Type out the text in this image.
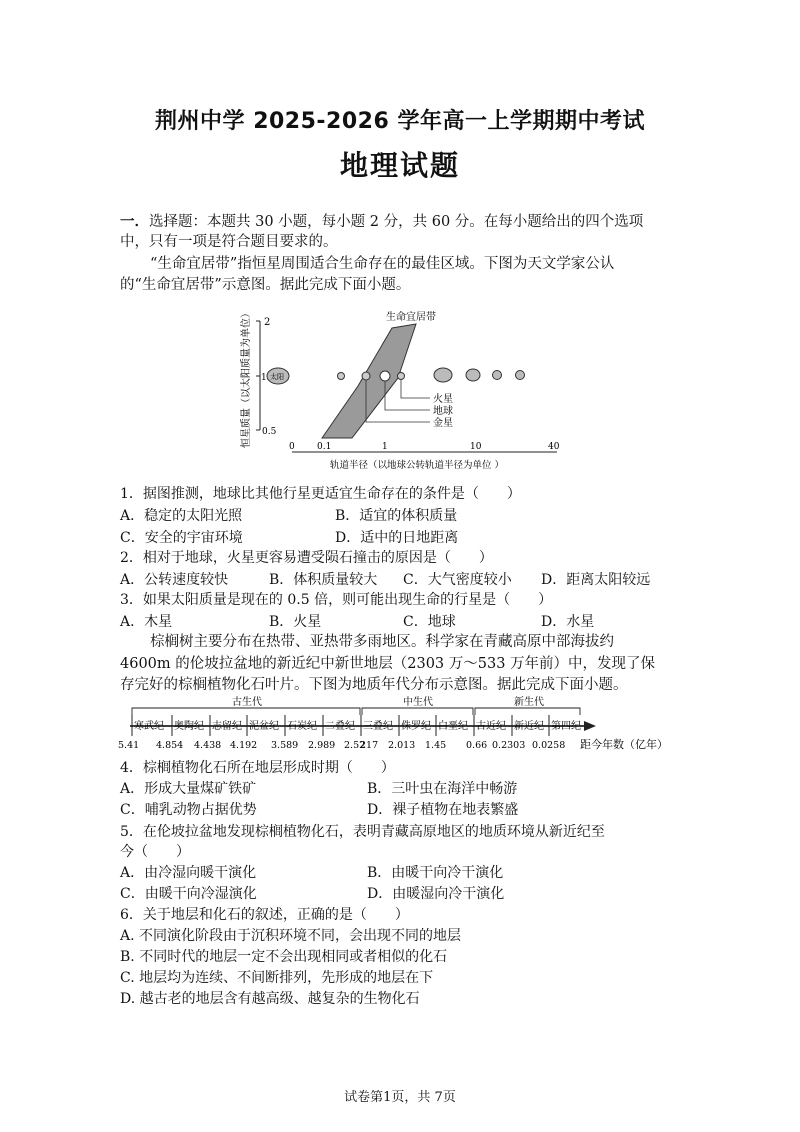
荆州中学 2025-2026 学年高一上学期期中考试
地理试题
一．选择题：本题共 30 小题，每小题 2 分，共 60 分。在每小题给出的四个选项
中，只有一项是符合题目要求的。
“生命宜居带”指恒星周围适合生命存在的最佳区域。下图为天文学家公认
的“生命宜居带”示意图。据此完成下面小题。
2
1
0.5
恒星质量（以太阳质量为单位）	生命宜居带
太阳
火星
地球
金星
0 0.1	1	10	40
轨道半径（以地球公转轨道半径为单位 ）
1．据图推测，地球比其他行星更适宜生命存在的条件是（　　）
A．稳定的太阳光照	B．适宜的体积质量
C．安全的宇宙环境	D．适中的日地距离
2．相对于地球，火星更容易遭受陨石撞击的原因是（　　）
A．公转速度较快	B．体积质量较大 C．大气密度较小 D．距离太阳较远
3．如果太阳质量是现在的 0.5 倍，则可能出现生命的行星是（　　）
A．木星	B．火星	C．地球	D．水星
棕榈树主要分布在热带、亚热带多雨地区。科学家在青藏高原中部海拔约
4600m 的伦坡拉盆地的新近纪中新世地层（2303 万～533 万年前）中，发现了保
存完好的棕榈植物化石叶片。下图为地质年代分布示意图。据此完成下面小题。
古生代	中生代	新生代
寒武纪 奥陶纪 志留纪 泥盆纪 石炭纪 二叠纪 三叠纪 侏罗纪 白垩纪 古近纪 新近纪 第四纪
5.41 4.854 4.438 4.192 3.589 2.989 2.52
217 2.013 1.45 0.66 0.2303 0.0258 距今年数（亿年）
4．棕榈植物化石所在地层形成时期（　　）
A．形成大量煤矿铁矿	B．三叶虫在海洋中畅游
C．哺乳动物占据优势	D．裸子植物在地表繁盛
5．在伦坡拉盆地发现棕榈植物化石，表明青藏高原地区的地质环境从新近纪至
今（　　）
A．由冷湿向暖干演化	B．由暖干向冷干演化
C．由暖干向冷湿演化	D．由暖湿向冷干演化
6．关于地层和化石的叙述，正确的是（　　）
A. 不同演化阶段由于沉积环境不同，会出现不同的地层
B. 不同时代的地层一定不会出现相同或者相似的化石
C. 地层均为连续、不间断排列，先形成的地层在下
D. 越古老的地层含有越高级、越复杂的生物化石
试卷第1页，共 7页
